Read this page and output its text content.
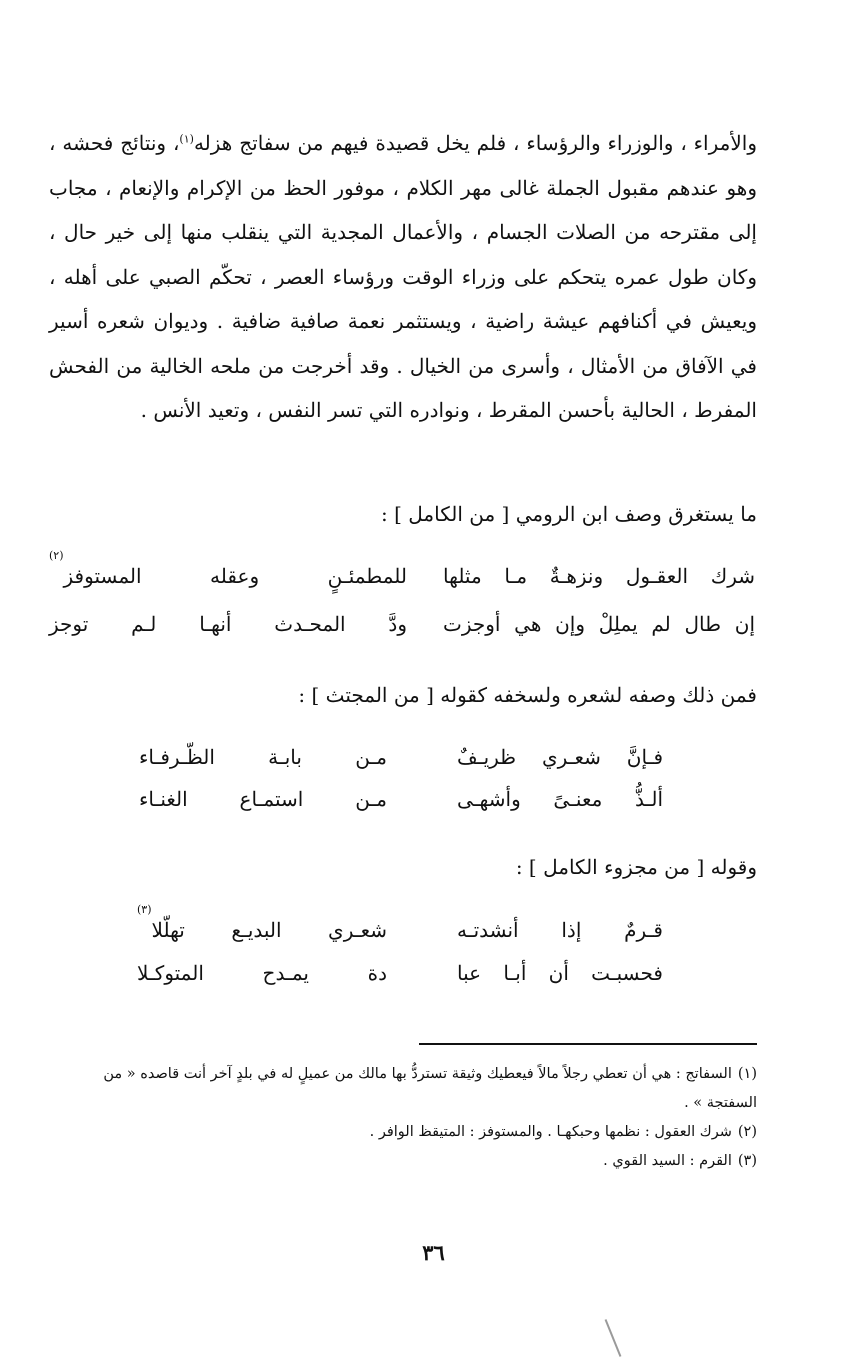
والأمراء ، والوزراء والرؤساء ، فلم يخل قصيدة فيهم من سفاتج هزله$^{(١)}$، ونتائج فحشه ، وهو عندهم مقبول الجملة غالى مهر الكلام ، موفور الحظ من الإكرام والإنعام ، مجاب إلى مقترحه من الصلات الجسام ، والأعمال المجدية التي ينقلب منها إلى خير حال ، وكان طول عمره يتحكم على وزراء الوقت ورؤساء العصر ، تحكّم الصبي على أهله ، ويعيش في أكنافهم عيشة راضية ، ويستثمر نعمة صافية ضافية . وديوان شعره أسير في الآفاق من الأمثال ، وأسرى من الخيال . وقد أخرجت من ملحه الخالية من الفحش المفرط ، الحالية بأحسن المقرط ، ونوادره التي تسر النفس ، وتعيد الأنس .

ما يستغرق وصف ابن الرومي [ من الكامل ] :

شرك العقـول ونزهـةٌ مـا مثلها
للمطمئـنٍ وعقله المستوفز
(٢)
إن طال لم يملِلْ وإن هي أوجزت
ودَّ المحـدث أنهـا لـم توجز

فمن ذلك وصفه لشعره ولسخفه كقوله [ من المجتث ] :

فـإنَّ شعـري ظريـفٌ
مـن بابـة الظّـرفـاء
ألـذُّ معنـىً وأشهـى
مـن استمـاع الغنـاء

وقوله [ من مجزوء الكامل ] :

قـرمٌ إذا أنشدتـه
شعـري البديـع تهلّلا
(٣)
فحسبـت أن أبـا عبا
دة يمـدح المتوكـلا
(١)السفاتج : هي أن تعطي رجلاً مالاً فيعطيك وثيقة تستردُّ بها مالك من عميلٍ له في بلدٍ آخر أنت قاصده « من السفتجة » .
(٢)شرك العقول : نظمها وحبكهـا . والمستوفز : المتيقظ الوافر .
(٣)القرم : السيد القوي .
٣٦
